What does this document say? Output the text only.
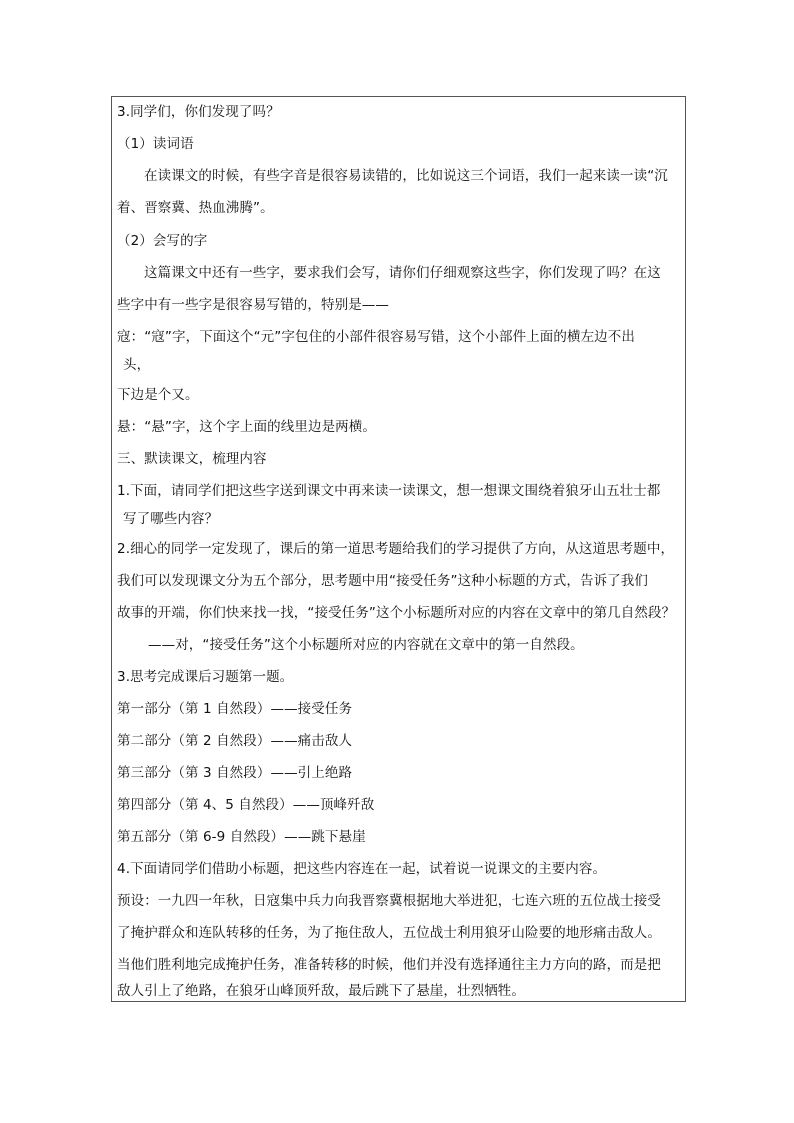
3.同学们，你们发现了吗？
（1）读词语
在读课文的时候，有些字音是很容易读错的，比如说这三个词语，我们一起来读一读“沉
着、晋察冀、热血沸腾”。
（2）会写的字
这篇课文中还有一些字，要求我们会写，请你们仔细观察这些字，你们发现了吗？在这
些字中有一些字是很容易写错的，特别是——
寇：“寇”字，下面这个“元”字包住的小部件很容易写错，这个小部件上面的横左边不出
头，
下边是个又。
悬：“悬”字，这个字上面的线里边是两横。
三、默读课文，梳理内容
1.下面，请同学们把这些字送到课文中再来读一读课文，想一想课文围绕着狼牙山五壮士都
写了哪些内容？
2.细心的同学一定发现了，课后的第一道思考题给我们的学习提供了方向，从这道思考题中，
我们可以发现课文分为五个部分，思考题中用“接受任务”这种小标题的方式，告诉了我们
故事的开端，你们快来找一找，“接受任务”这个小标题所对应的内容在文章中的第几自然段？
——对，“接受任务”这个小标题所对应的内容就在文章中的第一自然段。
3.思考完成课后习题第一题。
第一部分（第 1 自然段）——接受任务
第二部分（第 2 自然段）——痛击敌人
第三部分（第 3 自然段）——引上绝路
第四部分（第 4、5 自然段）——顶峰歼敌
第五部分（第 6-9 自然段）——跳下悬崖
4.下面请同学们借助小标题，把这些内容连在一起，试着说一说课文的主要内容。
预设：一九四一年秋，日寇集中兵力向我晋察冀根据地大举进犯，七连六班的五位战士接受
了掩护群众和连队转移的任务，为了拖住敌人，五位战士利用狼牙山险要的地形痛击敌人。
当他们胜利地完成掩护任务，准备转移的时候，他们并没有选择通往主力方向的路，而是把
敌人引上了绝路，在狼牙山峰顶歼敌，最后跳下了悬崖，壮烈牺牲。
